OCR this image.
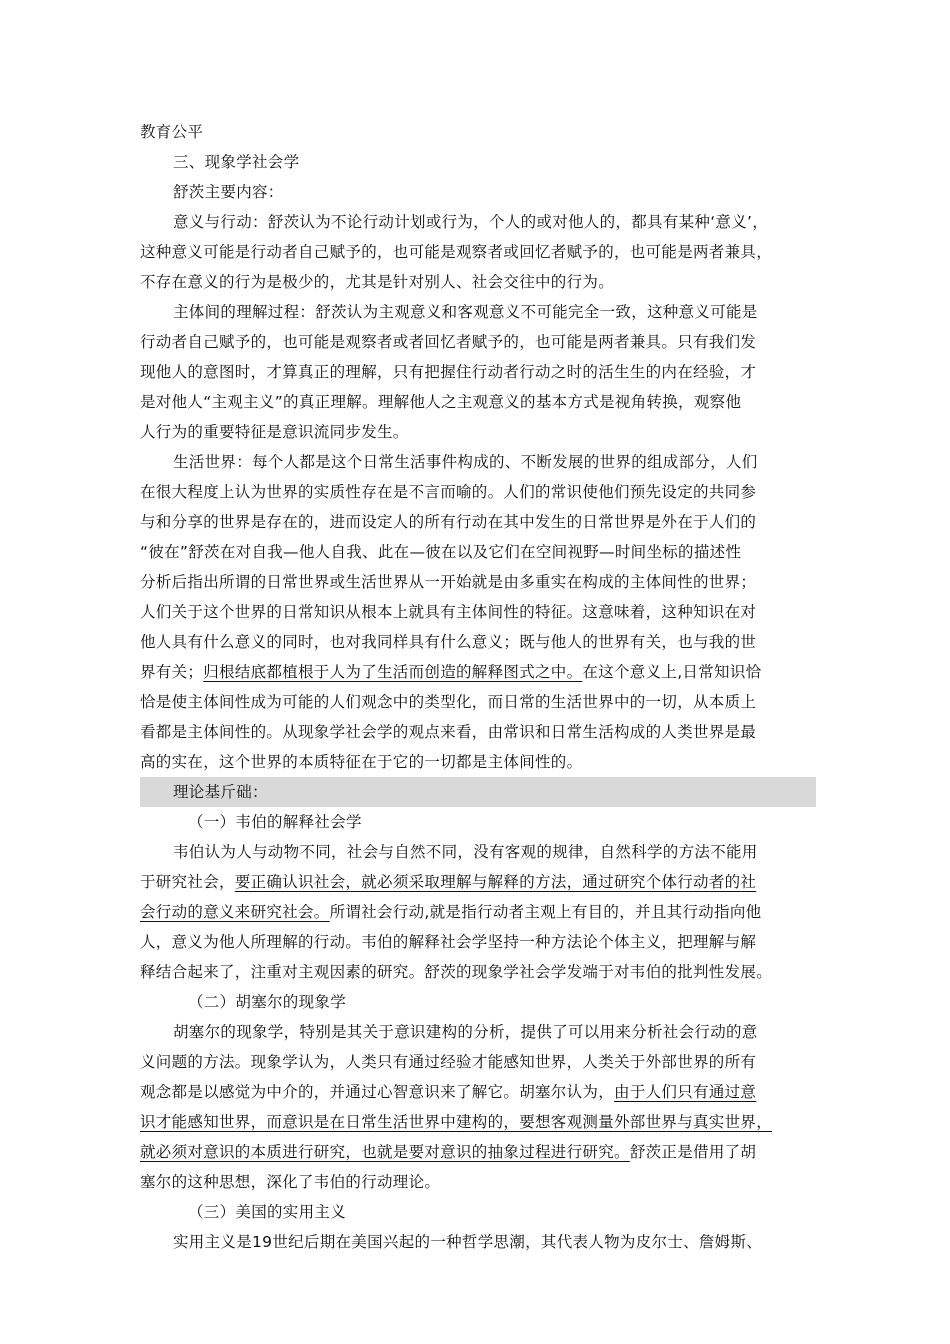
教育公平
三、现象学社会学
舒茨主要内容：
意义与行动：舒茨认为不论行动计划或行为，个人的或对他人的，都具有某种‘意义’，
这种意义可能是行动者自己赋予的，也可能是观察者或回忆者赋予的，也可能是两者兼具，
不存在意义的行为是极少的，尤其是针对别人、社会交往中的行为。
主体间的理解过程：舒茨认为主观意义和客观意义不可能完全一致，这种意义可能是
行动者自己赋予的，也可能是观察者或者回忆者赋予的，也可能是两者兼具。只有我们发
现他人的意图时，才算真正的理解，只有把握住行动者行动之时的活生生的内在经验，才
是对他人“主观主义”的真正理解。理解他人之主观意义的基本方式是视角转换，观察他
人行为的重要特征是意识流同步发生。
生活世界：每个人都是这个日常生活事件构成的、不断发展的世界的组成部分，人们
在很大程度上认为世界的实质性存在是不言而喻的。人们的常识使他们预先设定的共同参
与和分享的世界是存在的，进而设定人的所有行动在其中发生的日常世界是外在于人们的
“彼在”舒茨在对自我—他人自我、此在—彼在以及它们在空间视野—时间坐标的描述性
分析后指出所谓的日常世界或生活世界从一开始就是由多重实在构成的主体间性的世界；
人们关于这个世界的日常知识从根本上就具有主体间性的特征。这意味着，这种知识在对
他人具有什么意义的同时，也对我同样具有什么意义；既与他人的世界有关，也与我的世
界有关；归根结底都植根于人为了生活而创造的解释图式之中。在这个意义上,日常知识恰
恰是使主体间性成为可能的人们观念中的类型化，而日常的生活世界中的一切，从本质上
看都是主体间性的。从现象学社会学的观点来看，由常识和日常生活构成的人类世界是最
高的实在，这个世界的本质特征在于它的一切都是主体间性的。
理论基斤础：
（一）韦伯的解释社会学
韦伯认为人与动物不同，社会与自然不同，没有客观的规律，自然科学的方法不能用
于研究社会，要正确认识社会，就必须采取理解与解释的方法，通过研究个体行动者的社
会行动的意义来研究社会。所谓社会行动,就是指行动者主观上有目的，并且其行动指向他
人，意义为他人所理解的行动。韦伯的解释社会学坚持一种方法论个体主义，把理解与解
释结合起来了，注重对主观因素的研究。舒茨的现象学社会学发端于对韦伯的批判性发展。
（二）胡塞尔的现象学
胡塞尔的现象学，特别是其关于意识建构的分析，提供了可以用来分析社会行动的意
义问题的方法。现象学认为，人类只有通过经验才能感知世界，人类关于外部世界的所有
观念都是以感觉为中介的，并通过心智意识来了解它。胡塞尔认为，由于人们只有通过意
识才能感知世界，而意识是在日常生活世界中建构的，要想客观测量外部世界与真实世界，
就必须对意识的本质进行研究，也就是要对意识的抽象过程进行研究。舒茨正是借用了胡
塞尔的这种思想，深化了韦伯的行动理论。
（三）美国的实用主义
实用主义是19世纪后期在美国兴起的一种哲学思潮，其代表人物为皮尔士、詹姆斯、
